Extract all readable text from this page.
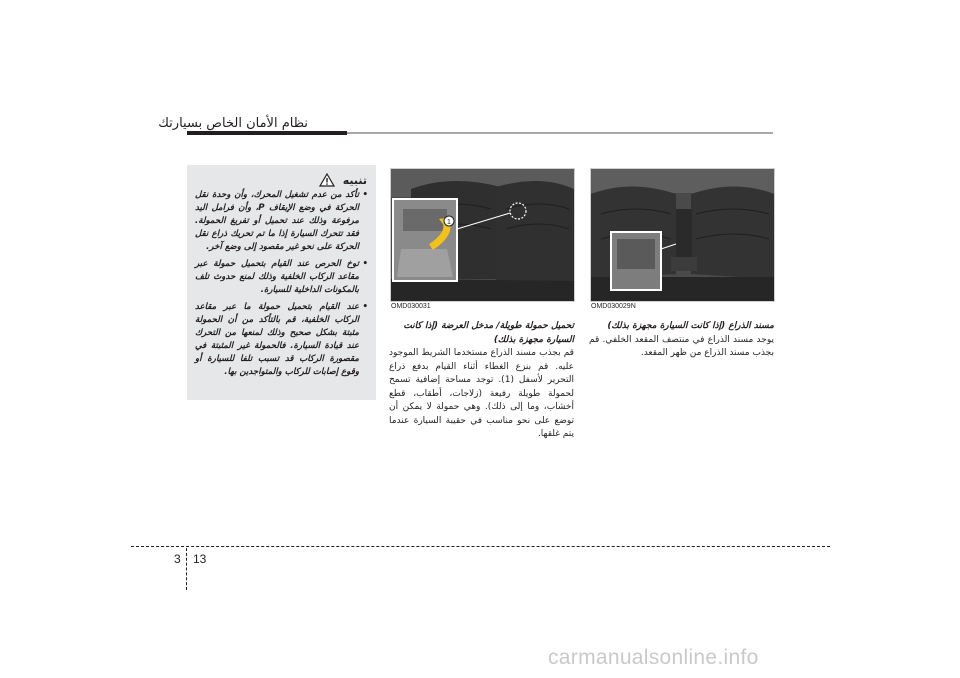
نظام الأمان الخاص بسيارتك
تنبيه
• تأكد من عدم تشغيل المحرك، وأن وحدة نقل الحركة في وضع الإيقاف P، وأن فرامل اليد مرفوعة وذلك عند تحميل أو تفريغ الحمولة. فقد تتحرك السيارة إذا ما تم تحريك ذراع نقل الحركة على نحو غير مقصود إلى وضع آخر.
• توخ الحرص عند القيام بتحميل حمولة عبر مقاعد الركاب الخلفية وذلك لمنع حدوث تلف بالمكونات الداخلية للسيارة.
• عند القيام بتحميل حمولة ما عبر مقاعد الركاب الخلفية، قم بالتأكد من أن الحمولة مثبتة بشكل صحيح وذلك لمنعها من التحرك عند قيادة السيارة. فالحمولة غير المثبتة في مقصورة الركاب قد تسبب تلفا للسيارة أو وقوع إصابات للركاب والمتواجدين بها.
1
OMD030031	OMD030029N
تحميل حمولة طويلة/ مدخل العرضة (إذا كانت السيارة مجهزة بذلك)
قم بجذب مسند الذراع مستخدما الشريط الموجود عليه. قم بنزع الغطاء أثناء القيام بدفع ذراع التحرير لأسفل (1). توجد مساحة إضافية تسمح لحمولة طويلة رفيعة (زلاجات، أطقاب، قطع أخشاب، وما إلى ذلك). وهي حمولة لا يمكن أن توضع على نحو مناسب في حقيبة السيارة عندما يتم غلقها.
مسند الذراع (إذا كانت السيارة مجهزة بذلك)
يوجد مسند الذراع في منتصف المقعد الخلفي. قم بجذب مسند الذراع من ظهر المقعد.
3 13
carmanualsonline.info
